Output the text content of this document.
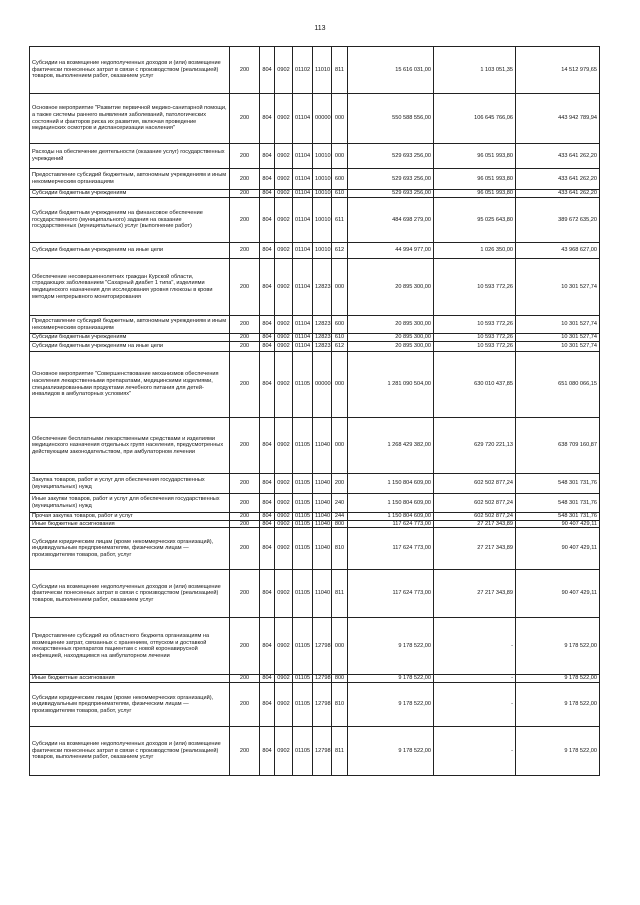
113
Субсидии на возмещение недополученных доходов и (или) возмещение фактически понесенных затрат в связи с производством (реализацией) товаров, выполнением работ, оказанием услуг	200	804	0902	01102	11010	811	15 616 031,00	1 103 051,35	14 512 979,65
Основное мероприятие "Развитие первичной медико-санитарной помощи, а также системы раннего выявления заболеваний, патологических состояний и факторов риска их развития, включая проведение медицинских осмотров и диспансеризации населения"	200	804	0902	01104	00000	000	550 588 556,00	106 645 766,06	443 942 789,94
Расходы на обеспечение деятельности (оказание услуг) государственных учреждений	200	804	0902	01104	10010	000	529 693 256,00	96 051 993,80	433 641 262,20
Предоставление субсидий бюджетным, автономным учреждениям и иным некоммерческим организациям	200	804	0902	01104	10010	600	529 693 256,00	96 051 993,80	433 641 262,20
Субсидии бюджетным учреждениям	200	804	0902	01104	10010	610	529 693 256,00	96 051 993,80	433 641 262,20
Субсидии бюджетным учреждениям на финансовое обеспечение государственного (муниципального) задания на оказание государственных (муниципальных) услуг (выполнение работ)	200	804	0902	01104	10010	611	484 698 279,00	95 025 643,80	389 672 635,20
Субсидии бюджетным учреждениям на иные цели	200	804	0902	01104	10010	612	44 994 977,00	1 026 350,00	43 968 627,00
Обеспечение несовершеннолетних граждан Курской области, страдающих заболеванием "Сахарный диабет 1 типа", изделиями медицинского назначения для исследования уровня глюкозы в крови методом непрерывного мониторирования	200	804	0902	01104	12823	000	20 895 300,00	10 593 772,26	10 301 527,74
Предоставление субсидий бюджетным, автономным учреждениям и иным некоммерческим организациям	200	804	0902	01104	12823	600	20 895 300,00	10 593 772,26	10 301 527,74
Субсидии бюджетным учреждениям	200	804	0902	01104	12823	610	20 895 300,00	10 593 772,26	10 301 527,74
Субсидии бюджетным учреждениям на иные цели	200	804	0902	01104	12823	612	20 895 300,00	10 593 772,26	10 301 527,74
Основное мероприятие "Совершенствование механизмов обеспечения населения лекарственными препаратами, медицинскими изделиями, специализированными продуктами лечебного питания для детей-инвалидов в амбулаторных условиях"	200	804	0902	01105	00000	000	1 281 090 504,00	630 010 437,85	651 080 066,15
Обеспечение бесплатными лекарственными средствами и изделиями медицинского назначения отдельных групп населения, предусмотренных действующим законодательством, при амбулаторном лечении	200	804	0902	01105	11040	000	1 268 429 382,00	629 720 221,13	638 709 160,87
Закупка товаров, работ и услуг для обеспечения государственных (муниципальных) нужд	200	804	0902	01105	11040	200	1 150 804 609,00	602 502 877,24	548 301 731,76
Иные закупки товаров, работ и услуг для обеспечения государственных (муниципальных) нужд	200	804	0902	01105	11040	240	1 150 804 609,00	602 502 877,24	548 301 731,76
Прочая закупка товаров, работ и услуг	200	804	0902	01105	11040	244	1 150 804 609,00	602 502 877,24	548 301 731,76
Иные бюджетные ассигнования	200	804	0902	01105	11040	800	117 624 773,00	27 217 343,89	90 407 429,11
Субсидии юридическим лицам (кроме некоммерческих организаций), индивидуальным предпринимателям, физическим лицам — производителям товаров, работ, услуг	200	804	0902	01105	11040	810	117 624 773,00	27 217 343,89	90 407 429,11
Субсидии на возмещение недополученных доходов и (или) возмещение фактически понесенных затрат в связи с производством (реализацией) товаров, выполнением работ, оказанием услуг	200	804	0902	01105	11040	811	117 624 773,00	27 217 343,89	90 407 429,11
Предоставление субсидий из областного бюджета организациям на возмещение затрат, связанных с хранением, отпуском и доставкой лекарственных препаратов пациентам с новой коронавирусной инфекцией, находящимся на амбулаторном лечении	200	804	0902	01105	12798	000	9 178 522,00	-	9 178 522,00
Иные бюджетные ассигнования	200	804	0902	01105	12798	800	9 178 522,00	-	9 178 522,00
Субсидии юридическим лицам (кроме некоммерческих организаций), индивидуальным предпринимателям, физическим лицам — производителям товаров, работ, услуг	200	804	0902	01105	12798	810	9 178 522,00	-	9 178 522,00
Субсидии на возмещение недополученных доходов и (или) возмещение фактически понесенных затрат в связи с производством (реализацией) товаров, выполнением работ, оказанием услуг	200	804	0902	01105	12798	811	9 178 522,00	-	9 178 522,00
